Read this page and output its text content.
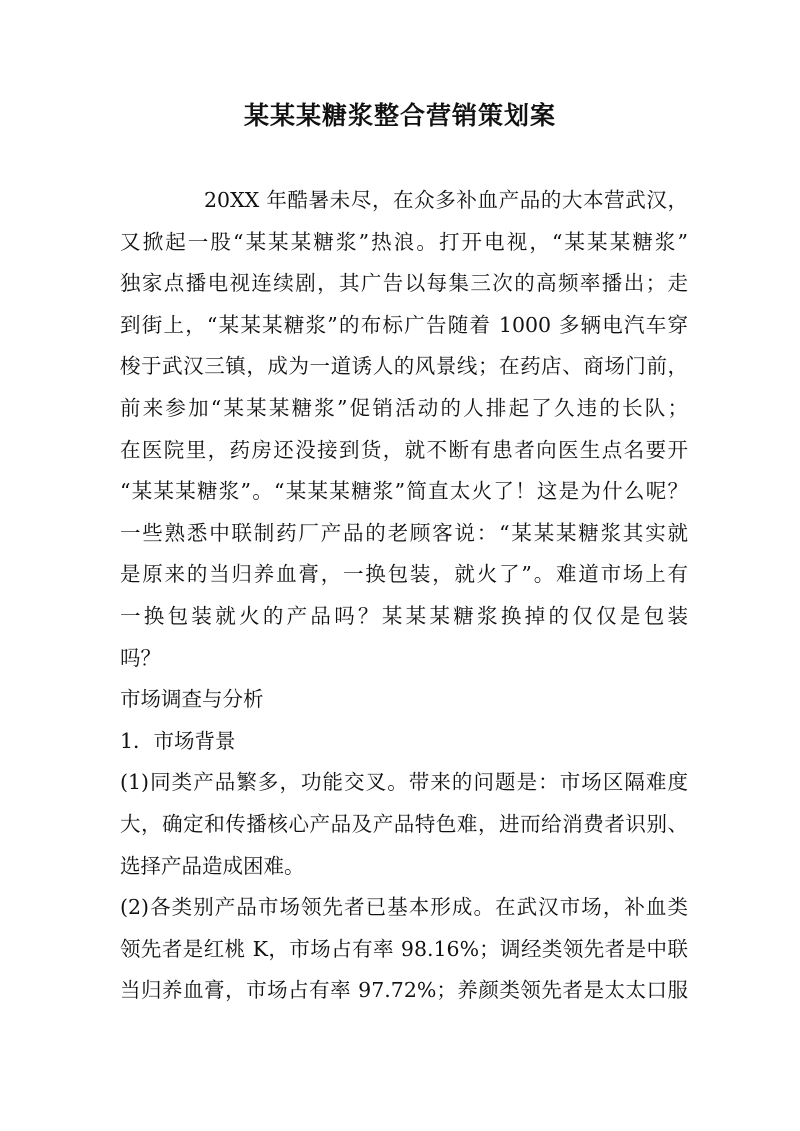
某某某糖浆整合营销策划案

20XX 年酷暑未尽，在众多补血产品的大本营武汉，
又掀起一股“某某某糖浆”热浪。打开电视，“某某某糖浆”
独家点播电视连续剧，其广告以每集三次的高频率播出；走
到街上，“某某某糖浆”的布标广告随着 1000 多辆电汽车穿
梭于武汉三镇，成为一道诱人的风景线；在药店、商场门前，
前来参加“某某某糖浆”促销活动的人排起了久违的长队；
在医院里，药房还没接到货，就不断有患者向医生点名要开
“某某某糖浆”。“某某某糖浆”简直太火了！这是为什么呢？
一些熟悉中联制药厂产品的老顾客说：“某某某糖浆其实就
是原来的当归养血膏，一换包装，就火了”。难道市场上有
一换包装就火的产品吗？某某某糖浆换掉的仅仅是包装
吗？

市场调查与分析

1．市场背景

(1)同类产品繁多，功能交叉。带来的问题是：市场区隔难度
大，确定和传播核心产品及产品特色难，进而给消费者识别、
选择产品造成困难。

(2)各类别产品市场领先者已基本形成。在武汉市场，补血类
领先者是红桃 K，市场占有率 98.16%；调经类领先者是中联
当归养血膏，市场占有率 97.72%；养颜类领先者是太太口服
